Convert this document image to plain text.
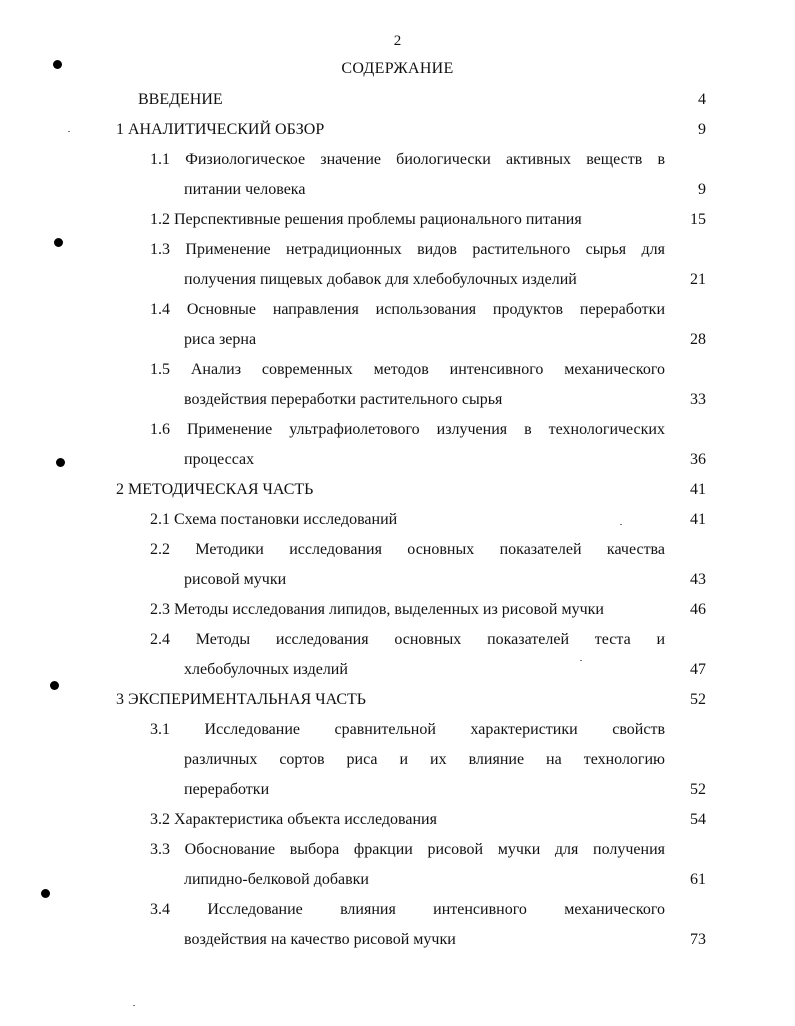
2
СОДЕРЖАНИЕ
ВВЕДЕНИЕ	4
1 АНАЛИТИЧЕСКИЙ ОБЗОР	9
1.1 Физиологическое значение биологически активных веществ в
питании человека	9
1.2 Перспективные решения проблемы рационального питания	15
1.3 Применение нетрадиционных видов растительного сырья для
получения пищевых добавок для хлебобулочных изделий	21
1.4 Основные направления использования продуктов переработки
риса зерна	28
1.5 Анализ современных методов интенсивного механического
воздействия переработки растительного сырья	33
1.6 Применение ультрафиолетового излучения в технологических
процессах	36
2 МЕТОДИЧЕСКАЯ ЧАСТЬ	41
2.1 Схема постановки исследований	41
2.2 Методики исследования основных показателей качества
рисовой мучки	43
2.3 Методы исследования липидов, выделенных из рисовой мучки	46
2.4 Методы исследования основных показателей теста и
хлебобулочных изделий	47
3 ЭКСПЕРИМЕНТАЛЬНАЯ ЧАСТЬ	52
3.1 Исследование сравнительной характеристики свойств
различных сортов риса и их влияние на технологию
переработки	52
3.2 Характеристика объекта исследования	54
3.3 Обоснование выбора фракции рисовой мучки для получения
липидно-белковой добавки	61
3.4 Исследование влияния интенсивного механического
воздействия на качество рисовой мучки	73
